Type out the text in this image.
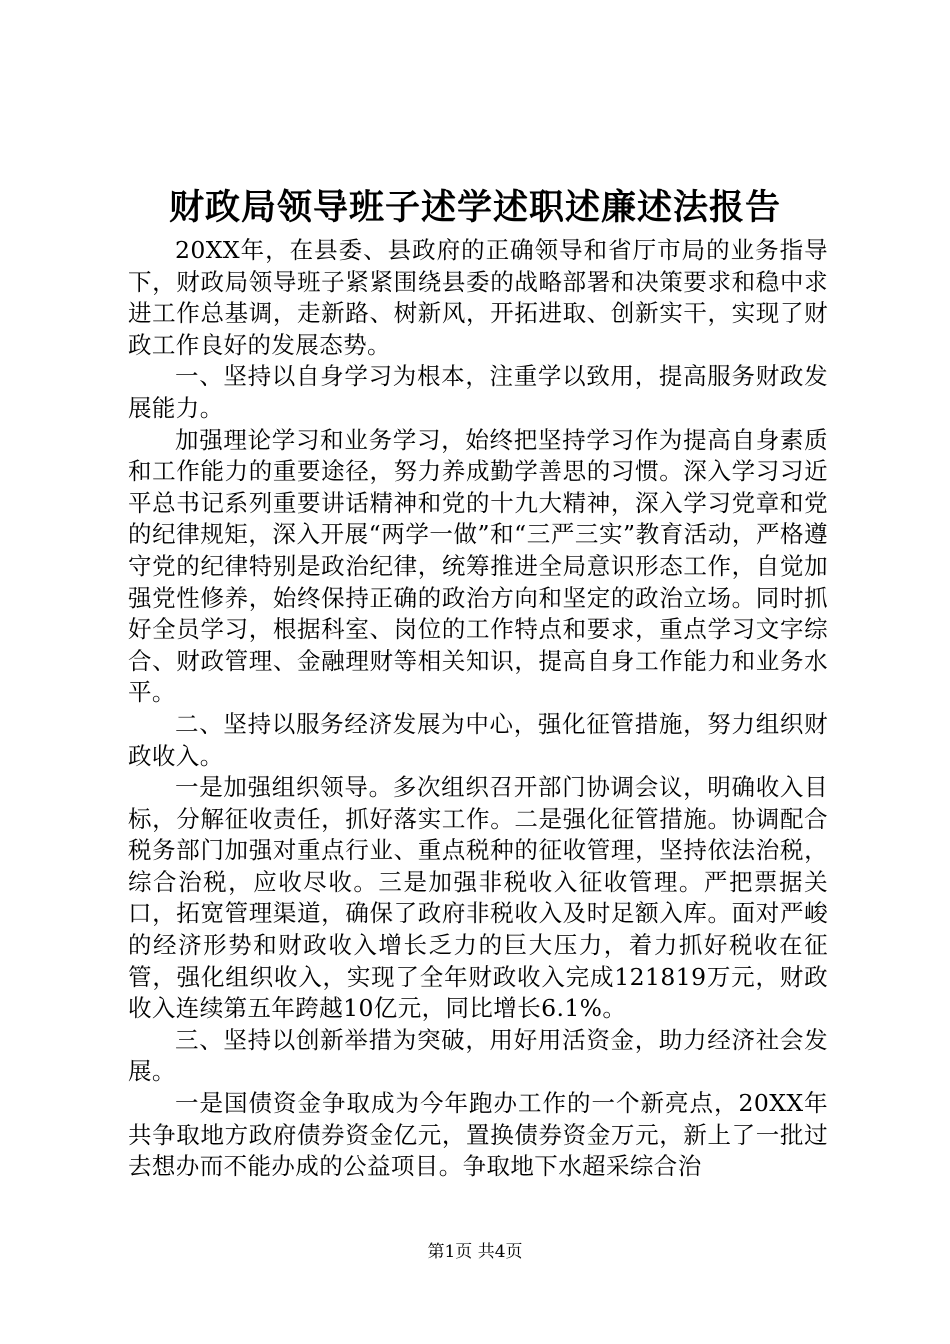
财政局领导班子述学述职述廉述法报告

20XX年，在县委、县政府的正确领导和省厅市局的业务指导下，财政局领导班子紧紧围绕县委的战略部署和决策要求和稳中求进工作总基调，走新路、树新风，开拓进取、创新实干，实现了财政工作良好的发展态势。

一、坚持以自身学习为根本，注重学以致用，提高服务财政发展能力。

加强理论学习和业务学习，始终把坚持学习作为提高自身素质和工作能力的重要途径，努力养成勤学善思的习惯。深入学习习近平总书记系列重要讲话精神和党的十九大精神，深入学习党章和党的纪律规矩，深入开展“两学一做”和“三严三实”教育活动，严格遵守党的纪律特别是政治纪律，统筹推进全局意识形态工作，自觉加强党性修养，始终保持正确的政治方向和坚定的政治立场。同时抓好全员学习，根据科室、岗位的工作特点和要求，重点学习文字综合、财政管理、金融理财等相关知识，提高自身工作能力和业务水平。

二、坚持以服务经济发展为中心，强化征管措施，努力组织财政收入。

一是加强组织领导。多次组织召开部门协调会议，明确收入目标，分解征收责任，抓好落实工作。二是强化征管措施。协调配合税务部门加强对重点行业、重点税种的征收管理，坚持依法治税，综合治税，应收尽收。三是加强非税收入征收管理。严把票据关口，拓宽管理渠道，确保了政府非税收入及时足额入库。面对严峻的经济形势和财政收入增长乏力的巨大压力，着力抓好税收在征管，强化组织收入，实现了全年财政收入完成121819万元，财政收入连续第五年跨越10亿元，同比增长6.1%。

三、坚持以创新举措为突破，用好用活资金，助力经济社会发展。

一是国债资金争取成为今年跑办工作的一个新亮点，20XX年共争取地方政府债券资金亿元，置换债券资金万元，新上了一批过去想办而不能办成的公益项目。争取地下水超采综合治

第1页 共4页
